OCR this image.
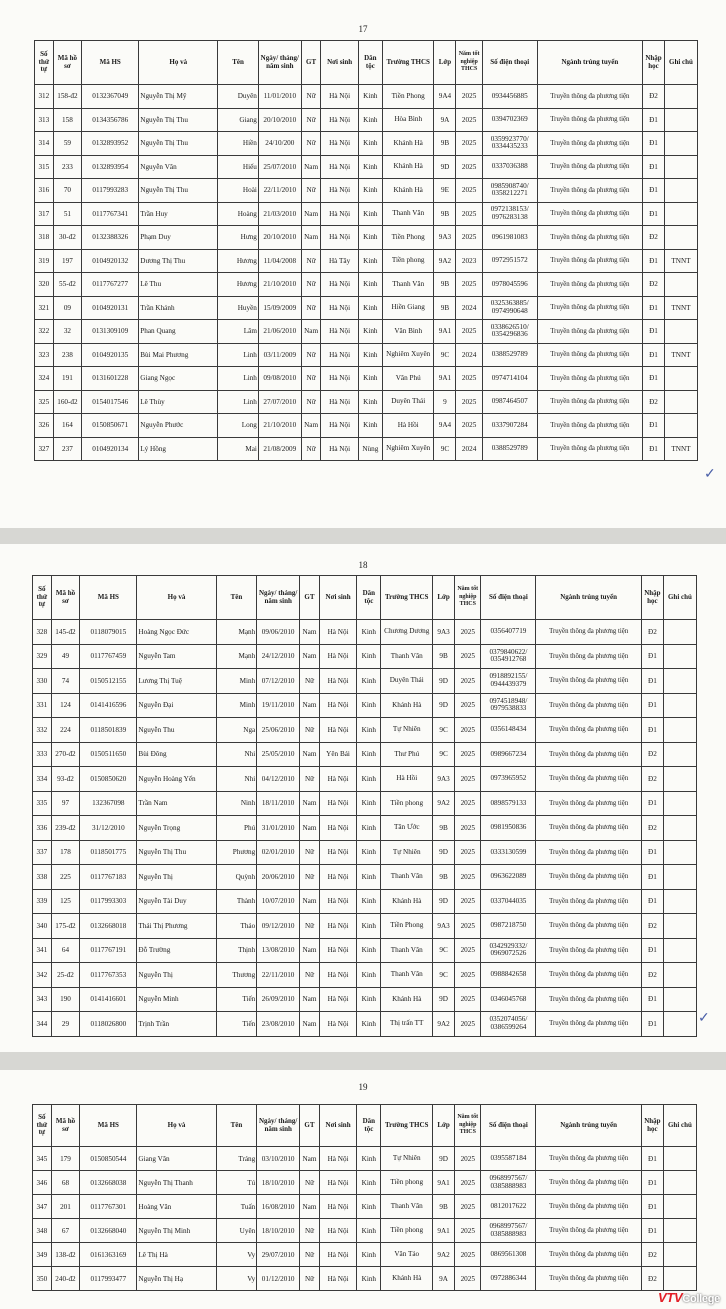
17
Số thứ tự	Mã hồ sơ	Mã HS	Họ và	Tên	Ngày/ tháng/ năm sinh	GT	Nơi sinh	Dân tộc	Trường THCS	Lớp	Năm tốt nghiệp THCS	Số điện thoại	Ngành trúng tuyển	Nhập học	Ghi chú
312	158-đ2	0132367049	Nguyễn Thị Mỹ	Duyên	11/01/2010	Nữ	Hà Nội	Kinh	Tiền Phong	9A4	2025	0934456885	Truyền thông đa phương tiện	Đ2	
313	158	0134356786	Nguyễn Thị Thu	Giang	20/10/2010	Nữ	Hà Nội	Kinh	Hòa Bình	9A	2025	0394702369	Truyền thông đa phương tiện	Đ1	
314	59	0132893952	Nguyễn Thị Thu	Hiền	24/10/200	Nữ	Hà Nội	Kinh	Khánh Hà	9B	2025	0359923770/ 0334435233	Truyền thông đa phương tiện	Đ1	
315	233	0132893954	Nguyễn Văn	Hiếu	25/07/2010	Nam	Hà Nội	Kinh	Khánh Hà	9D	2025	0337036388	Truyền thông đa phương tiện	Đ1	
316	70	0117993283	Nguyễn Thị Thu	Hoài	22/11/2010	Nữ	Hà Nội	Kinh	Khánh Hà	9E	2025	0985908740/ 0358212271	Truyền thông đa phương tiện	Đ1	
317	51	0117767341	Trần Huy	Hoàng	21/03/2010	Nam	Hà Nội	Kinh	Thanh Văn	9B	2025	0972138153/ 0976283138	Truyền thông đa phương tiện	Đ1	
318	30-đ2	0132388326	Phạm Duy	Hưng	20/10/2010	Nam	Hà Nội	Kinh	Tiền Phong	9A3	2025	0961981083	Truyền thông đa phương tiện	Đ2	
319	197	0104920132	Dương Thị Thu	Hương	11/04/2008	Nữ	Hà Tây	Kinh	Tiền phong	9A2	2023	0972951572	Truyền thông đa phương tiện	Đ1	TNNT
320	55-đ2	0117767277	Lê Thu	Hương	21/10/2010	Nữ	Hà Nội	Kinh	Thanh Văn	9B	2025	0978045596	Truyền thông đa phương tiện	Đ2	
321	09	0104920131	Trần Khánh	Huyền	15/09/2009	Nữ	Hà Nội	Kinh	Hiền Giang	9B	2024	0325363885/ 0974990648	Truyền thông đa phương tiện	Đ1	TNNT
322	32	0131309109	Phan Quang	Lâm	21/06/2010	Nam	Hà Nội	Kinh	Văn Bình	9A1	2025	0338626510/ 0354296836	Truyền thông đa phương tiện	Đ1	
323	238	0104920135	Bùi Mai Phương	Linh	03/11/2009	Nữ	Hà Nội	Kinh	Nghiêm Xuyên	9C	2024	0388529789	Truyền thông đa phương tiện	Đ1	TNNT
324	191	0131601228	Giang Ngọc	Linh	09/08/2010	Nữ	Hà Nội	Kinh	Văn Phú	9A1	2025	0974714104	Truyền thông đa phương tiện	Đ1	
325	160-đ2	0154017546	Lê Thùy	Linh	27/07/2010	Nữ	Hà Nội	Kinh	Duyên Thái	9	2025	0987464507	Truyền thông đa phương tiện	Đ2	
326	164	0150850671	Nguyễn Phước	Long	21/10/2010	Nam	Hà Nội	Kinh	Hà Hồi	9A4	2025	0337907284	Truyền thông đa phương tiện	Đ1	
327	237	0104920134	Lý Hồng	Mai	21/08/2009	Nữ	Hà Nội	Nùng	Nghiêm Xuyên	9C	2024	0388529789	Truyền thông đa phương tiện	Đ1	TNNT
✓
18
Số thứ tự	Mã hồ sơ	Mã HS	Họ và	Tên	Ngày/ tháng/ năm sinh	GT	Nơi sinh	Dân tộc	Trường THCS	Lớp	Năm tốt nghiệp THCS	Số điện thoại	Ngành trúng tuyển	Nhập học	Ghi chú
328	145-đ2	0118079015	Hoàng Ngọc Đức	Mạnh	09/06/2010	Nam	Hà Nội	Kinh	Chương Dương	9A3	2025	0356407719	Truyền thông đa phương tiện	Đ2	
329	49	0117767459	Nguyễn Tam	Mạnh	24/12/2010	Nam	Hà Nội	Kinh	Thanh Văn	9B	2025	0379840622/ 0354912768	Truyền thông đa phương tiện	Đ1	
330	74	0150512155	Lương Thị Tuệ	Minh	07/12/2010	Nữ	Hà Nội	Kinh	Duyên Thái	9D	2025	0918892155/ 0944439379	Truyền thông đa phương tiện	Đ1	
331	124	0141416596	Nguyễn Đại	Minh	19/11/2010	Nam	Hà Nội	Kinh	Khánh Hà	9D	2025	0974518948/ 0979538833	Truyền thông đa phương tiện	Đ1	
332	224	0118501839	Nguyễn Thu	Nga	25/06/2010	Nữ	Hà Nội	Kinh	Tự Nhiên	9C	2025	0356148434	Truyền thông đa phương tiện	Đ1	
333	270-đ2	0150511650	Bùi Đông	Nhi	25/05/2010	Nam	Yên Bái	Kinh	Thư Phú	9C	2025	0989667234	Truyền thông đa phương tiện	Đ2	
334	93-đ2	0150850620	Nguyễn Hoàng Yến	Nhi	04/12/2010	Nữ	Hà Nội	Kinh	Hà Hồi	9A3	2025	0973965952	Truyền thông đa phương tiện	Đ2	
335	97	132367098	Trần Nam	Ninh	18/11/2010	Nam	Hà Nội	Kinh	Tiền phong	9A2	2025	0898579133	Truyền thông đa phương tiện	Đ1	
336	239-đ2	31/12/2010	Nguyễn Trọng	Phú	31/01/2010	Nam	Hà Nội	Kinh	Tân Ước	9B	2025	0981950836	Truyền thông đa phương tiện	Đ2	
337	178	0118501775	Nguyễn Thị Thu	Phương	02/01/2010	Nữ	Hà Nội	Kinh	Tự Nhiên	9D	2025	0333130599	Truyền thông đa phương tiện	Đ1	
338	225	0117767183	Nguyễn Thị	Quỳnh	20/06/2010	Nữ	Hà Nội	Kinh	Thanh Văn	9B	2025	0963622089	Truyền thông đa phương tiện	Đ1	
339	125	0117993303	Nguyễn Tài Duy	Thành	10/07/2010	Nam	Hà Nội	Kinh	Khánh Hà	9D	2025	0337044035	Truyền thông đa phương tiện	Đ1	
340	175-đ2	0132668018	Thái Thị Phương	Thảo	09/12/2010	Nữ	Hà Nội	Kinh	Tiền Phong	9A3	2025	0987218750	Truyền thông đa phương tiện	Đ2	
341	64	0117767191	Đỗ Trường	Thịnh	13/08/2010	Nam	Hà Nội	Kinh	Thanh Văn	9C	2025	0342929332/ 0969072526	Truyền thông đa phương tiện	Đ1	
342	25-đ2	0117767353	Nguyễn Thị	Thương	22/11/2010	Nữ	Hà Nội	Kinh	Thanh Văn	9C	2025	0988842658	Truyền thông đa phương tiện	Đ2	
343	190	0141416601	Nguyễn Minh	Tiến	26/09/2010	Nam	Hà Nội	Kinh	Khánh Hà	9D	2025	0346045768	Truyền thông đa phương tiện	Đ1	
344	29	0118026800	Trịnh Trần	Tiến	23/08/2010	Nam	Hà Nội	Kinh	Thị trấn TT	9A2	2025	0352074056/ 0386599264	Truyền thông đa phương tiện	Đ1		✓
19
Số thứ tự	Mã hồ sơ	Mã HS	Họ và	Tên	Ngày/ tháng/ năm sinh	GT	Nơi sinh	Dân tộc	Trường THCS	Lớp	Năm tốt nghiệp THCS	Số điện thoại	Ngành trúng tuyển	Nhập học	Ghi chú
345	179	0150850544	Giang Văn	Tráng	03/10/2010	Nam	Hà Nội	Kinh	Tự Nhiên	9D	2025	0395587184	Truyền thông đa phương tiện	Đ1	
346	68	0132668038	Nguyễn Thị Thanh	Tú	18/10/2010	Nữ	Hà Nội	Kinh	Tiền phong	9A1	2025	0968997567/ 0385888983	Truyền thông đa phương tiện	Đ1	
347	201	0117767301	Hoàng Văn	Tuấn	16/08/2010	Nam	Hà Nội	Kinh	Thanh Văn	9B	2025	0812017622	Truyền thông đa phương tiện	Đ1	
348	67	0132668040	Nguyễn Thị Minh	Uyên	18/10/2010	Nữ	Hà Nội	Kinh	Tiền phong	9A1	2025	0968997567/ 0385888983	Truyền thông đa phương tiện	Đ1	
349	138-đ2	0161363169	Lê Thị Hà	Vy	29/07/2010	Nữ	Hà Nội	Kinh	Văn Tảo	9A2	2025	0869561308	Truyền thông đa phương tiện	Đ2	
350	240-đ2	0117993477	Nguyễn Thị Hạ	Vy	01/12/2010	Nữ	Hà Nội	Kinh	Khánh Hà	9A	2025	0972886344	Truyền thông đa phương tiện	Đ2	
VTVCollege
